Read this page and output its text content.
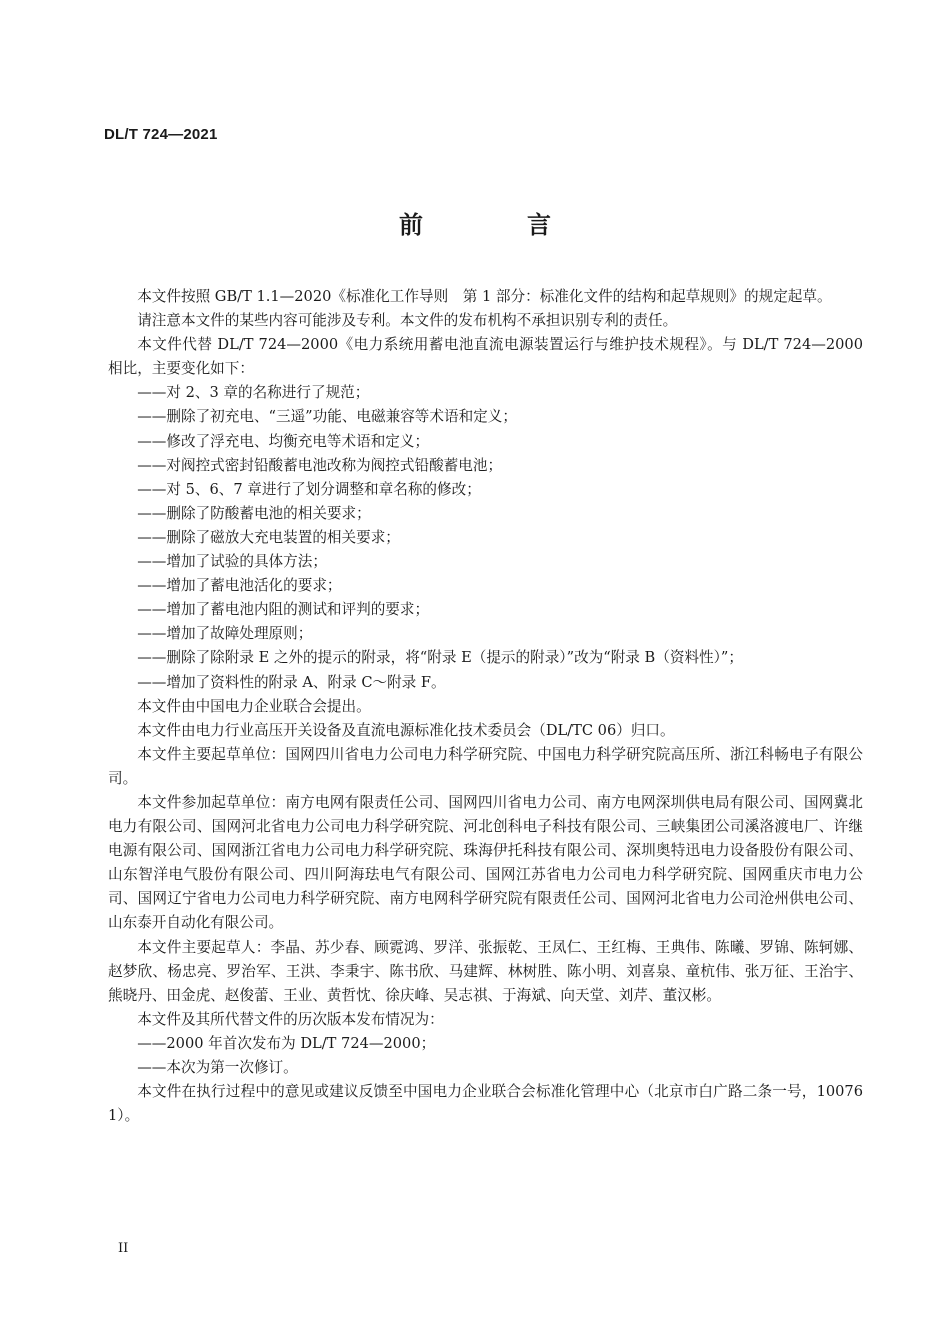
DL/T 724—2021
前　言

本文件按照 GB/T 1.1—2020《标准化工作导则　第 1 部分：标准化文件的结构和起草规则》的规定起草。

请注意本文件的某些内容可能涉及专利。本文件的发布机构不承担识别专利的责任。

本文件代替 DL/T 724—2000《电力系统用蓄电池直流电源装置运行与维护技术规程》。与 DL/T 724—2000 相比，主要变化如下：

——对 2、3 章的名称进行了规范；

——删除了初充电、“三遥”功能、电磁兼容等术语和定义；

——修改了浮充电、均衡充电等术语和定义；

——对阀控式密封铅酸蓄电池改称为阀控式铅酸蓄电池；

——对 5、6、7 章进行了划分调整和章名称的修改；

——删除了防酸蓄电池的相关要求；

——删除了磁放大充电装置的相关要求；

——增加了试验的具体方法；

——增加了蓄电池活化的要求；

——增加了蓄电池内阻的测试和评判的要求；

——增加了故障处理原则；

——删除了除附录 E 之外的提示的附录，将“附录 E（提示的附录）”改为“附录 B（资料性）”；

——增加了资料性的附录 A、附录 C～附录 F。

本文件由中国电力企业联合会提出。

本文件由电力行业高压开关设备及直流电源标准化技术委员会（DL/TC 06）归口。

本文件主要起草单位：国网四川省电力公司电力科学研究院、中国电力科学研究院高压所、浙江科畅电子有限公司。

本文件参加起草单位：南方电网有限责任公司、国网四川省电力公司、南方电网深圳供电局有限公司、国网冀北电力有限公司、国网河北省电力公司电力科学研究院、河北创科电子科技有限公司、三峡集团公司溪洛渡电厂、许继电源有限公司、国网浙江省电力公司电力科学研究院、珠海伊托科技有限公司、深圳奥特迅电力设备股份有限公司、山东智洋电气股份有限公司、四川阿海珐电气有限公司、国网江苏省电力公司电力科学研究院、国网重庆市电力公司、国网辽宁省电力公司电力科学研究院、南方电网科学研究院有限责任公司、国网河北省电力公司沧州供电公司、山东泰开自动化有限公司。

本文件主要起草人：李晶、苏少春、顾霓鸿、罗洋、张振乾、王凤仁、王红梅、王典伟、陈曦、罗锦、陈轲娜、赵梦欣、杨忠亮、罗治军、王洪、李秉宇、陈书欣、马建辉、林树胜、陈小明、刘喜泉、童杭伟、张万征、王治宇、熊晓丹、田金虎、赵俊蕾、王业、黄哲忱、徐庆峰、吴志祺、于海斌、向天堂、刘芹、董汉彬。

本文件及其所代替文件的历次版本发布情况为：

——2000 年首次发布为 DL/T 724—2000；

——本次为第一次修订。

本文件在执行过程中的意见或建议反馈至中国电力企业联合会标准化管理中心（北京市白广路二条一号，100761）。

II
